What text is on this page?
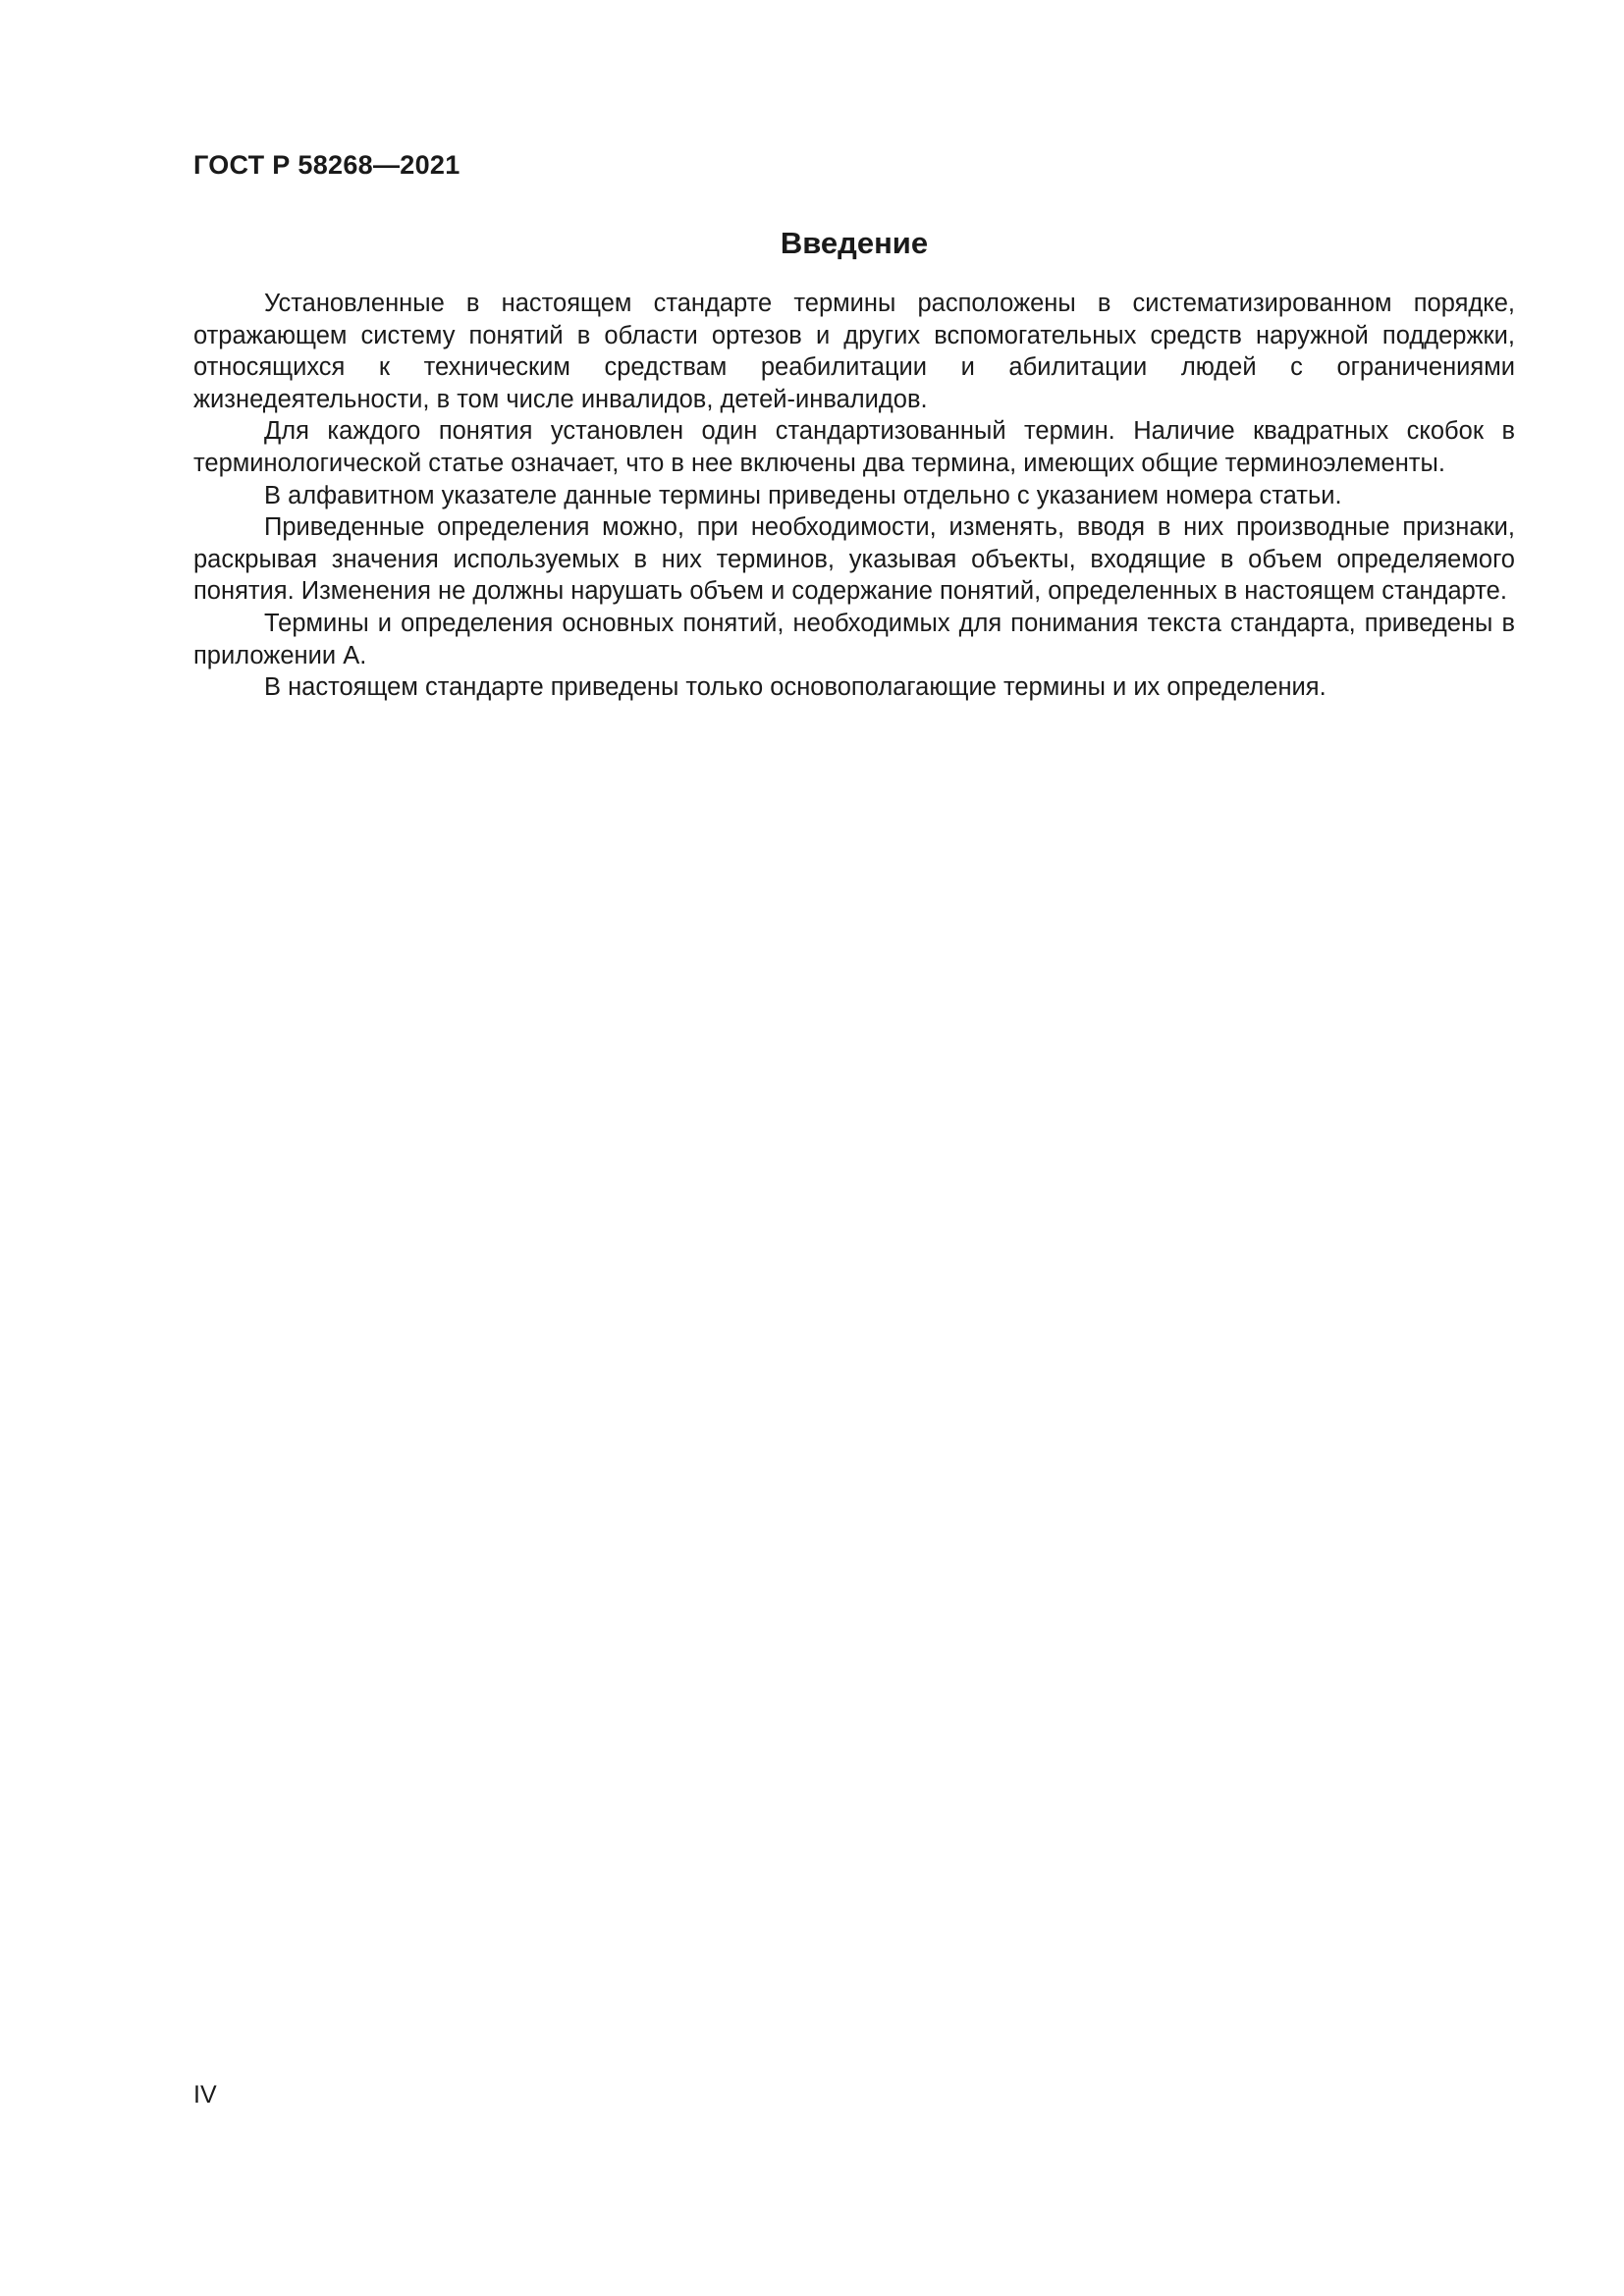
ГОСТ Р 58268—2021
Введение

Установленные в настоящем стандарте термины расположены в систематизированном порядке, отражающем систему понятий в области ортезов и других вспомогательных средств наружной поддержки, относящихся к техническим средствам реабилитации и абилитации людей с ограничениями жизнедеятельности, в том числе инвалидов, детей-инвалидов.

Для каждого понятия установлен один стандартизованный термин. Наличие квадратных скобок в терминологической статье означает, что в нее включены два термина, имеющих общие терминоэлементы.

В алфавитном указателе данные термины приведены отдельно с указанием номера статьи.

Приведенные определения можно, при необходимости, изменять, вводя в них производные признаки, раскрывая значения используемых в них терминов, указывая объекты, входящие в объем определяемого понятия. Изменения не должны нарушать объем и содержание понятий, определенных в настоящем стандарте.

Термины и определения основных понятий, необходимых для понимания текста стандарта, приведены в приложении А.

В настоящем стандарте приведены только основополагающие термины и их определения.

IV
